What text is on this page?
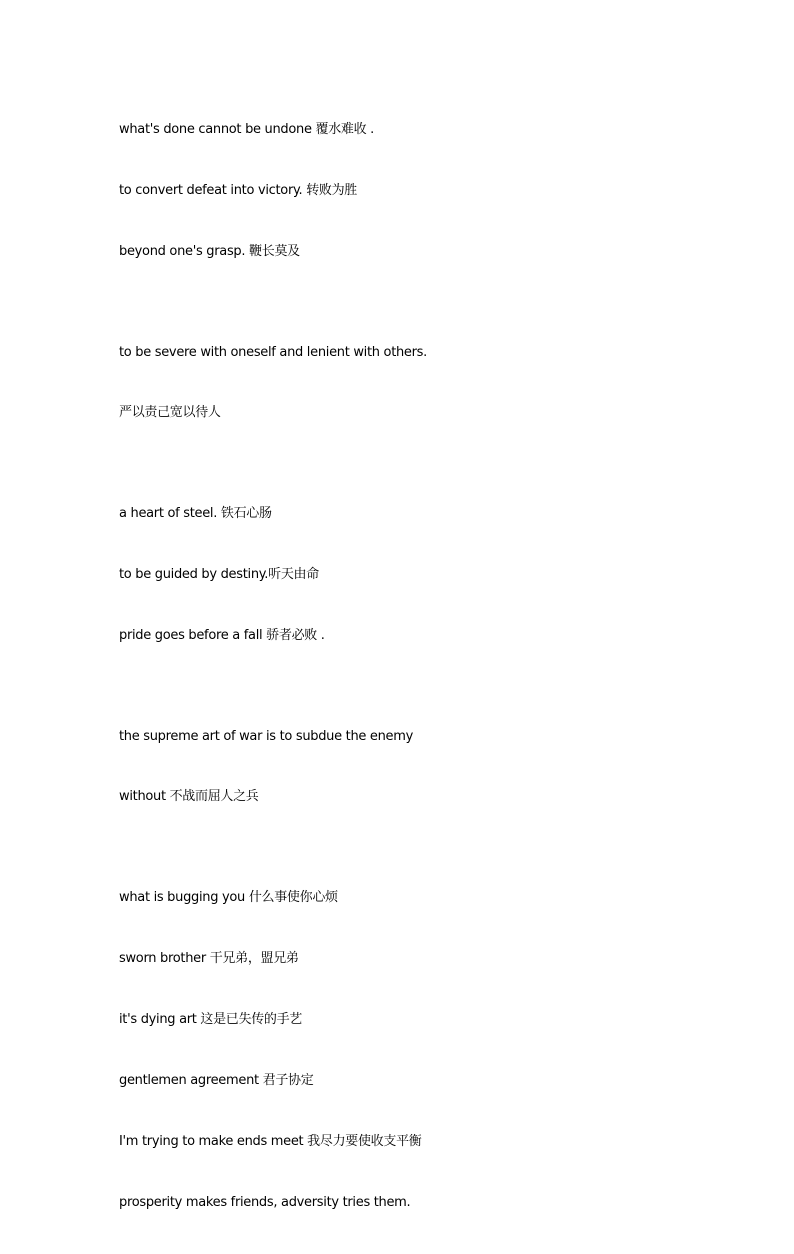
what's done cannot be undone 覆水难收 .
to convert defeat into victory. 转败为胜
beyond one's grasp. 鞭长莫及

to be severe with oneself and lenient with others.

严以责己宽以待人

a heart of steel. 铁石心肠
to be guided by destiny.听天由命
pride goes before a fall 骄者必败 .

the supreme art of war is to subdue the enemy

without 不战而屈人之兵

what is bugging you 什么事使你心烦
sworn brother 干兄弟，盟兄弟
it's dying art 这是已失传的手艺
gentlemen agreement 君子协定
I'm trying to make ends meet 我尽力要使收支平衡
prosperity makes friends, adversity tries them.
